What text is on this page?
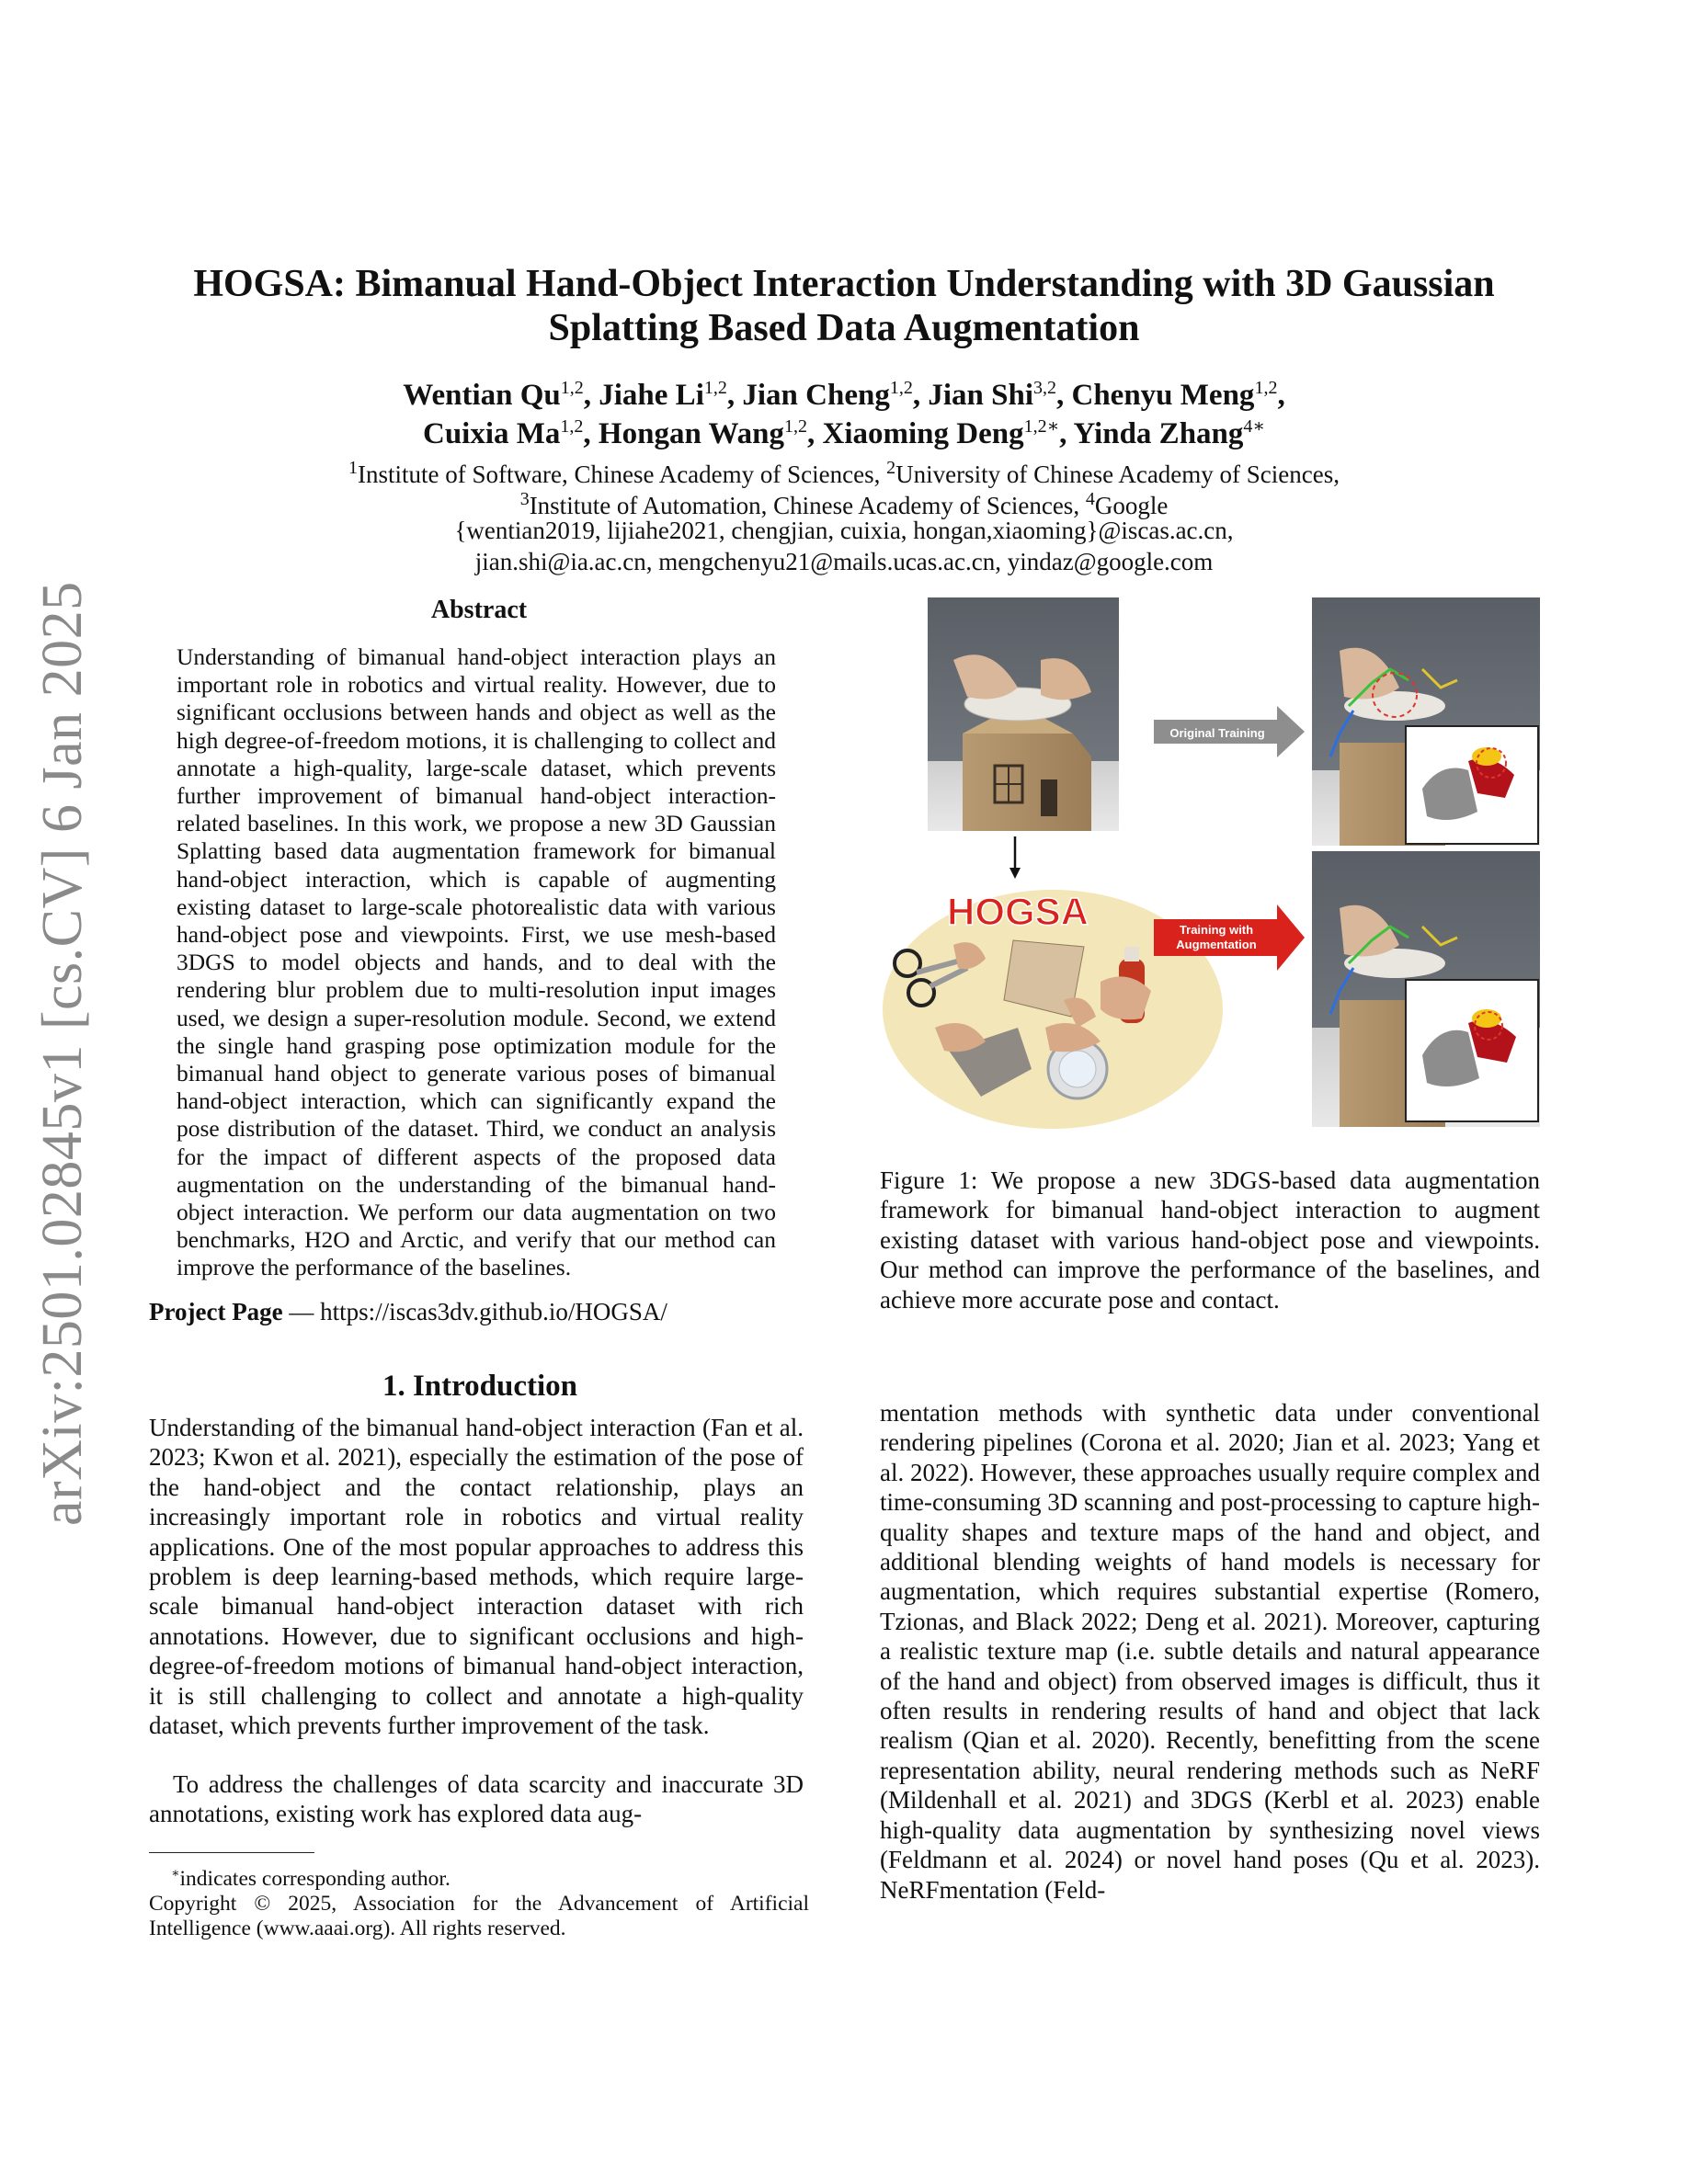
arXiv:2501.02845v1 [cs.CV] 6 Jan 2025
HOGSA: Bimanual Hand-Object Interaction Understanding with 3D Gaussian
Splatting Based Data Augmentation
Wentian Qu$^{1,2}$, Jiahe Li$^{1,2}$, Jian Cheng$^{1,2}$, Jian Shi$^{3,2}$, Chenyu Meng$^{1,2}$,
Cuixia Ma$^{1,2}$, Hongan Wang$^{1,2}$, Xiaoming Deng$^{1,2∗}$, Yinda Zhang$^{4∗}$
$^1$Institute of Software, Chinese Academy of Sciences, $^2$University of Chinese Academy of Sciences,
$^3$Institute of Automation, Chinese Academy of Sciences, $^4$Google
{wentian2019, lijiahe2021, chengjian, cuixia, hongan,xiaoming}@iscas.ac.cn,
jian.shi@ia.ac.cn, mengchenyu21@mails.ucas.ac.cn, yindaz@google.com
Abstract
Understanding of bimanual hand-object interaction plays an important role in robotics and virtual reality. However, due to significant occlusions between hands and object as well as the high degree-of-freedom motions, it is challenging to collect and annotate a high-quality, large-scale dataset, which prevents further improvement of bimanual hand-object interaction-related baselines. In this work, we propose a new 3D Gaussian Splatting based data augmentation framework for bimanual hand-object interaction, which is capable of augmenting existing dataset to large-scale photorealistic data with various hand-object pose and viewpoints. First, we use mesh-based 3DGS to model objects and hands, and to deal with the rendering blur problem due to multi-resolution input images used, we design a super-resolution module. Second, we extend the single hand grasping pose optimization module for the bimanual hand object to generate various poses of bimanual hand-object interaction, which can significantly expand the pose distribution of the dataset. Third, we conduct an analysis for the impact of different aspects of the proposed data augmentation on the understanding of the bimanual hand-object interaction. We perform our data augmentation on two benchmarks, H2O and Arctic, and verify that our method can improve the performance of the baselines.
Project Page — https://iscas3dv.github.io/HOGSA/
1. Introduction
Understanding of the bimanual hand-object interaction (Fan et al. 2023; Kwon et al. 2021), especially the estimation of the pose of the hand-object and the contact relationship, plays an increasingly important role in robotics and virtual reality applications. One of the most popular approaches to address this problem is deep learning-based methods, which require large-scale bimanual hand-object interaction dataset with rich annotations. However, due to significant occlusions and high-degree-of-freedom motions of bimanual hand-object interaction, it is still challenging to collect and annotate a high-quality dataset, which prevents further improvement of the task.
To address the challenges of data scarcity and inaccurate 3D annotations, existing work has explored data aug-
∗indicates corresponding author.
Copyright © 2025, Association for the Advancement of Artificial Intelligence (www.aaai.org). All rights reserved.
Original Training
HOGSA	Training with
Augmentation
Figure 1: We propose a new 3DGS-based data augmentation framework for bimanual hand-object interaction to augment existing dataset with various hand-object pose and viewpoints. Our method can improve the performance of the baselines, and achieve more accurate pose and contact.
mentation methods with synthetic data under conventional rendering pipelines (Corona et al. 2020; Jian et al. 2023; Yang et al. 2022). However, these approaches usually require complex and time-consuming 3D scanning and post-processing to capture high-quality shapes and texture maps of the hand and object, and additional blending weights of hand models is necessary for augmentation, which requires substantial expertise (Romero, Tzionas, and Black 2022; Deng et al. 2021). Moreover, capturing a realistic texture map (i.e. subtle details and natural appearance of the hand and object) from observed images is difficult, thus it often results in rendering results of hand and object that lack realism (Qian et al. 2020). Recently, benefitting from the scene representation ability, neural rendering methods such as NeRF (Mildenhall et al. 2021) and 3DGS (Kerbl et al. 2023) enable high-quality data augmentation by synthesizing novel views (Feldmann et al. 2024) or novel hand poses (Qu et al. 2023). NeRFmentation (Feld-
